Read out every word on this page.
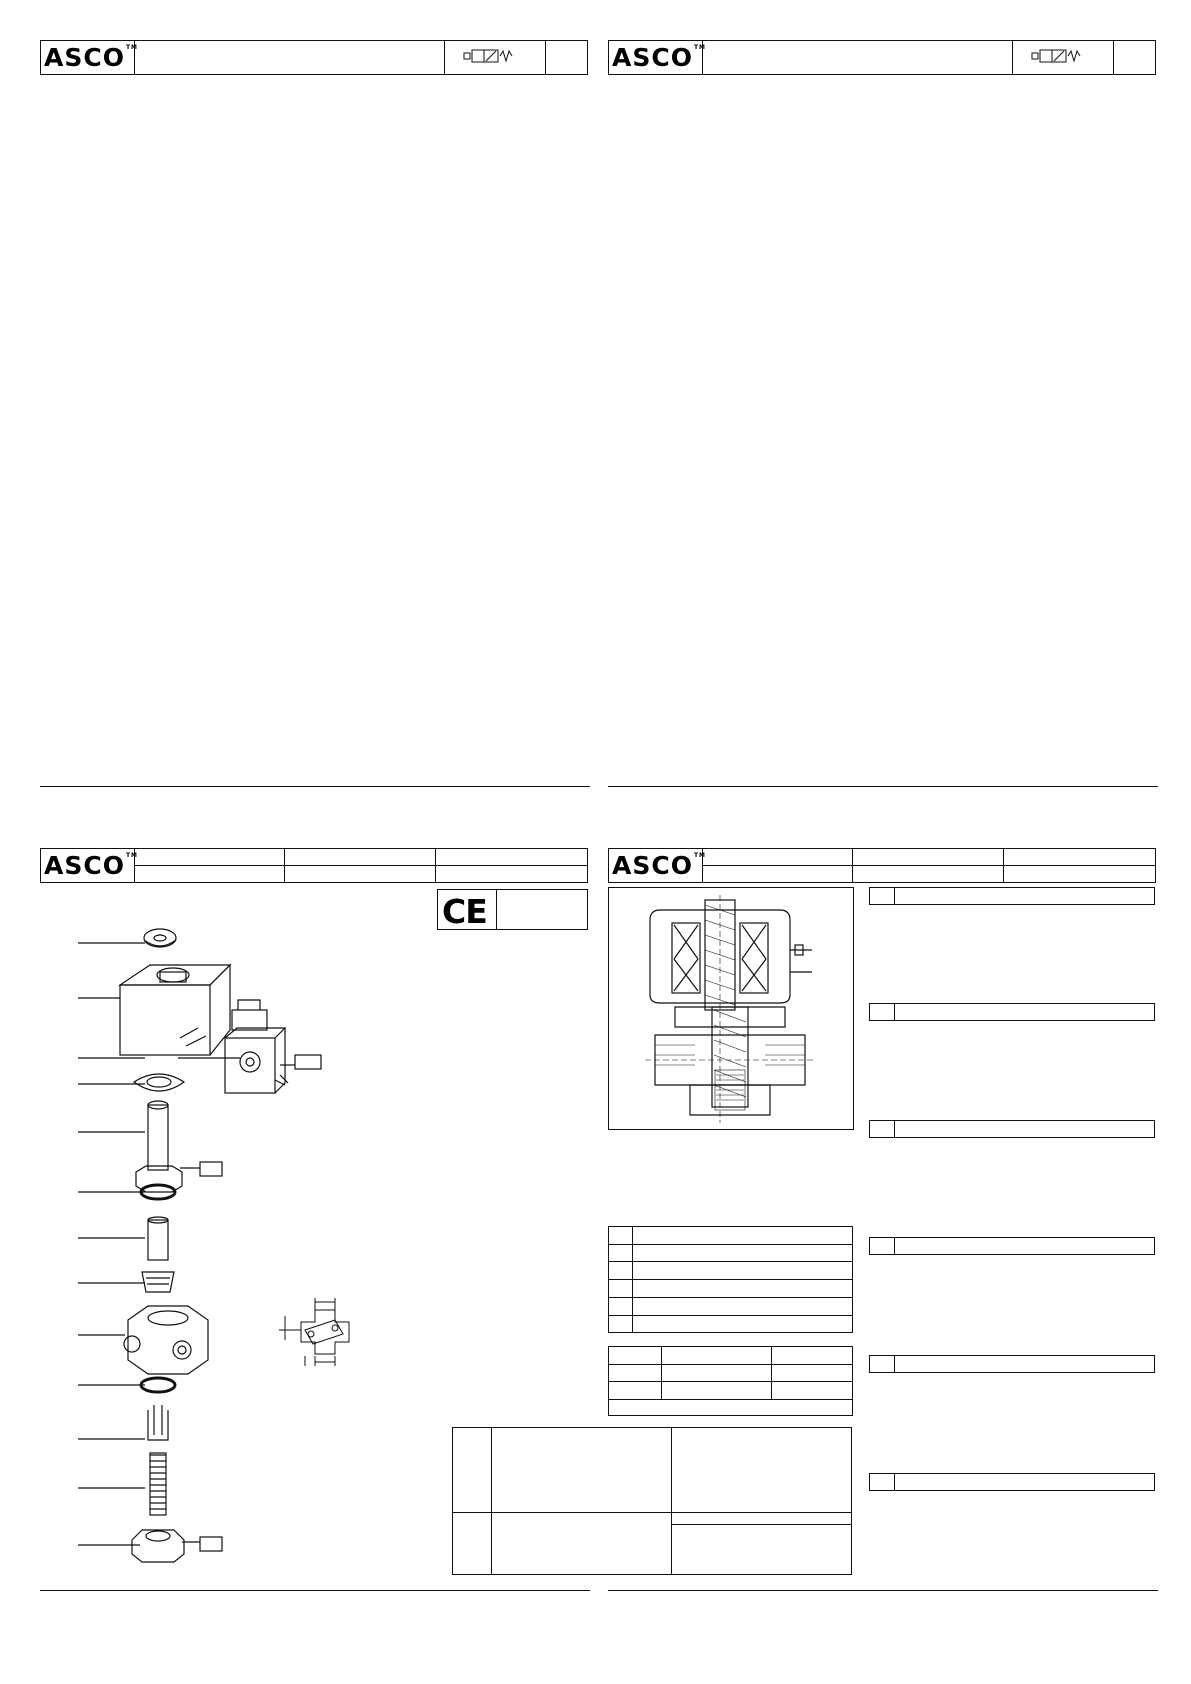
ASCO™	ASCO™
ASCO™
CE
ASCO™
